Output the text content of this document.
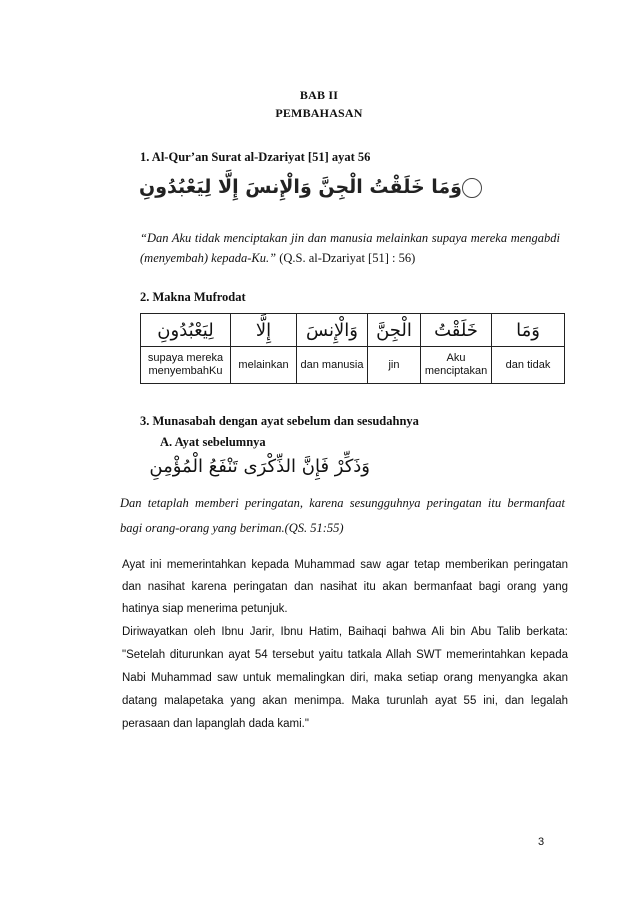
BAB II
PEMBAHASAN
1. Al-Qur’an Surat al-Dzariyat [51] ayat 56
وَمَا خَلَقْتُ الْجِنَّ وَالْإِنسَ إِلَّا لِيَعْبُدُونِ
“Dan Aku tidak menciptakan jin dan manusia melainkan supaya mereka mengabdi (menyembah) kepada-Ku.” (Q.S. al-Dzariyat [51] : 56)
2. Makna Mufrodat
لِيَعْبُدُونِ	إِلَّا	وَالْإِنسَ	الْجِنَّ	خَلَقْتُ	وَمَا
supaya mereka menyembahKu	melainkan	dan manusia	jin	Aku menciptakan	dan tidak
3. Munasabah dengan ayat sebelum dan sesudahnya
A. Ayat sebelumnya
وَذَكِّرْ فَإِنَّ الذِّكْرَى تَنْفَعُ الْمُؤْمِنِ
Dan tetaplah memberi peringatan, karena sesungguhnya peringatan itu bermanfaat bagi orang-orang yang beriman.(QS. 51:55)
Ayat ini memerintahkan kepada Muhammad saw agar tetap memberikan peringatan dan nasihat karena peringatan dan nasihat itu akan bermanfaat bagi orang yang hatinya siap menerima petunjuk.
Diriwayatkan oleh Ibnu Jarir, Ibnu Hatim, Baihaqi bahwa Ali bin Abu Talib berkata: "Setelah diturunkan ayat 54 tersebut yaitu tatkala Allah SWT memerintahkan kepada Nabi Muhammad saw untuk memalingkan diri, maka setiap orang menyangka akan datang malapetaka yang akan menimpa. Maka turunlah ayat 55 ini, dan legalah perasaan dan lapanglah dada kami."
3
